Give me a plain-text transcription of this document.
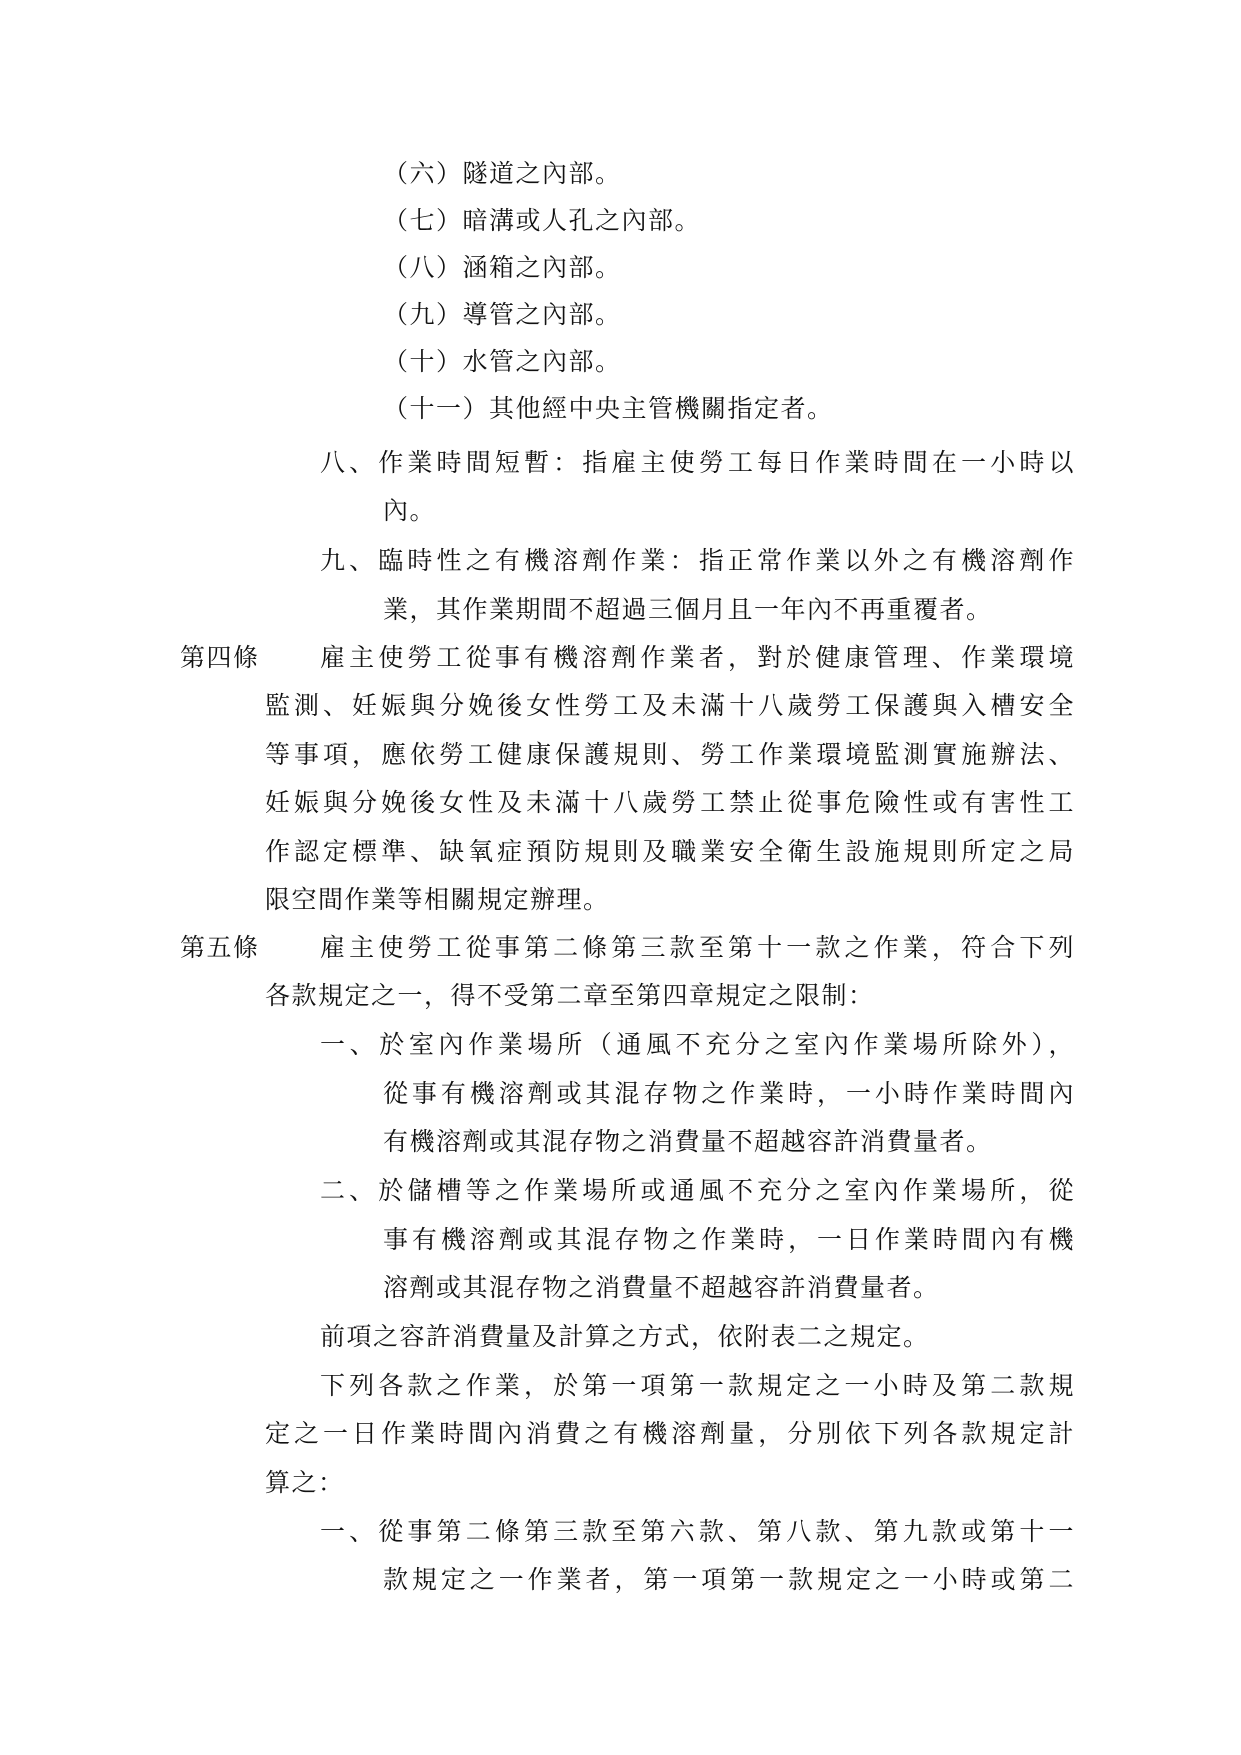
（六）隧道之內部。
（七）暗溝或人孔之內部。
（八）涵箱之內部。
（九）導管之內部。
（十）水管之內部。
（十一）其他經中央主管機關指定者。
八、作業時間短暫：指雇主使勞工每日作業時間在一小時以
內。
九、臨時性之有機溶劑作業：指正常作業以外之有機溶劑作
業，其作業期間不超過三個月且一年內不再重覆者。
第四條 雇主使勞工從事有機溶劑作業者，對於健康管理、作業環境
監測、妊娠與分娩後女性勞工及未滿十八歲勞工保護與入槽安全
等事項，應依勞工健康保護規則、勞工作業環境監測實施辦法、
妊娠與分娩後女性及未滿十八歲勞工禁止從事危險性或有害性工
作認定標準、缺氧症預防規則及職業安全衛生設施規則所定之局
限空間作業等相關規定辦理。
第五條 雇主使勞工從事第二條第三款至第十一款之作業，符合下列
各款規定之一，得不受第二章至第四章規定之限制：
一、於室內作業場所（通風不充分之室內作業場所除外），
從事有機溶劑或其混存物之作業時，一小時作業時間內
有機溶劑或其混存物之消費量不超越容許消費量者。
二、於儲槽等之作業場所或通風不充分之室內作業場所，從
事有機溶劑或其混存物之作業時，一日作業時間內有機
溶劑或其混存物之消費量不超越容許消費量者。
前項之容許消費量及計算之方式，依附表二之規定。
下列各款之作業，於第一項第一款規定之一小時及第二款規
定之一日作業時間內消費之有機溶劑量，分別依下列各款規定計
算之：
一、從事第二條第三款至第六款、第八款、第九款或第十一
款規定之一作業者，第一項第一款規定之一小時或第二
